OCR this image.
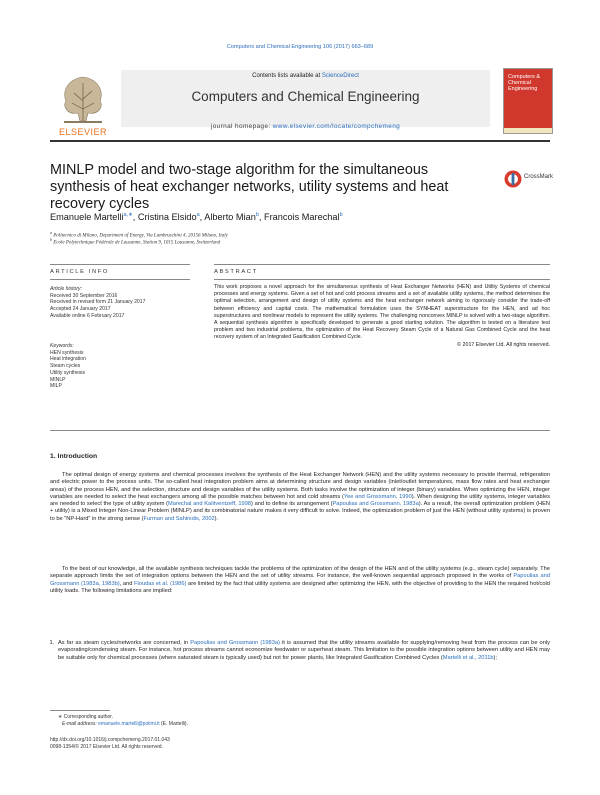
Computers and Chemical Engineering 106 (2017) 663–689
Contents lists available at ScienceDirect
Computers and Chemical Engineering
journal homepage: www.elsevier.com/locate/compchemeng
ELSEVIER
Computers & Chemical Engineering
MINLP model and two-stage algorithm for the simultaneous synthesis of heat exchanger networks, utility systems and heat recovery cycles
CrossMark
Emanuele Martelli$^{a,∗}$, Cristina Elsido$^a$, Alberto Mian$^b$, Francois Marechal$^b$
$^a$ Politecnico di Milano, Department of Energy, Via Lambruschini 4, 20156 Milano, Italy
$^b$ Ecole Polytechnique Fédérale de Lausanne, Station 9, 1015 Lausanne, Switzerland
ARTICLE INFO	ABSTRACT
Article history:
Received 30 September 2016
Received in revised form 21 January 2017
Accepted 24 January 2017
Available online 6 February 2017
Keywords:
HEN synthesis
Heat integration
Steam cycles
Utility synthesis
MINLP
MILP
This work proposes a novel approach for the simultaneous synthesis of Heat Exchanger Networks (HEN) and Utility Systems of chemical processes and energy systems. Given a set of hot and cold process streams and a set of available utility systems, the method determines the optimal selection, arrangement and design of utility systems and the heat exchanger network aiming to rigorously consider the trade-off between efficiency and capital costs. The mathematical formulation uses the SYNHEAT superstructure for the HEN, and ad hoc superstructures and nonlinear models to represent the utility systems. The challenging nonconvex MINLP is solved with a two-stage algorithm. A sequential synthesis algorithm is specifically developed to generate a good starting solution. The algorithm is tested on a literature test problem and two industrial problems, the optimization of the Heat Recovery Steam Cycle of a Natural Gas Combined Cycle and the heat recovery system of an Integrated Gasification Combined Cycle.
© 2017 Elsevier Ltd. All rights reserved.
1. Introduction
The optimal design of energy systems and chemical processes involves the synthesis of the Heat Exchanger Network (HEN) and the utility systems necessary to provide thermal, refrigeration and electric power to the process units. The so-called heat integration problem aims at determining structure and design variables (inlet/outlet temperatures, mass flow rates and heat exchanger areas) of the process HEN, and the selection, structure and design variables of the utility systems. Both tasks involve the optimization of integer (binary) variables. When optimizing the HEN, integer variables are needed to select the heat exchangers among all the possible matches between hot and cold streams (Yee and Grossmann, 1990). When designing the utility systems, integer variables are needed to select the type of utility system (Marechal and Kalitventzeff, 1998) and to define its arrangement (Papoulias and Grossmann, 1983a). As a result, the overall optimization problem (HEN + utility) is a Mixed Integer Non-Linear Problem (MINLP) and its combinatorial nature makes it very difficult to solve. Indeed, the optimization problem of just the HEN (without utility systems) is proven to be "NP-Hard" in the strong sense (Furman and Sahinidis, 2002).
To the best of our knowledge, all the available synthesis techniques tackle the problems of the optimization of the design of the HEN and of the utility systems (e.g., steam cycle) separately. The separate approach limits the set of integration options between the HEN and the set of utility streams. For instance, the well-known sequential approach proposed in the works of Papoulias and Grossmann (1983a, 1983b), and Floudas et al. (1986) are limited by the fact that utility systems are designed after optimizing the HEN, with the objective of providing to the HEN the required hot/cold utility loads. The following limitations are implied:
1. As far as steam cycles/networks are concerned, in Papoulias and Grossmann (1983a) it is assumed that the utility streams available for supplying/removing heat from the process can be only evaporating/condensing steam. For instance, hot process streams cannot economize feedwater or superheat steam. This limitation to the possible integration options between utility and HEN may be suitable only for chemical processes (where saturated steam is typically used) but not for power plants, like Integrated Gasification Combined Cycles (Martelli et al., 2011b);
∗ Corresponding author.
E-mail address: emanuele.martelli@polimi.it (E. Martelli).
http://dx.doi.org/10.1016/j.compchemeng.2017.01.043
0098-1354/© 2017 Elsevier Ltd. All rights reserved.
